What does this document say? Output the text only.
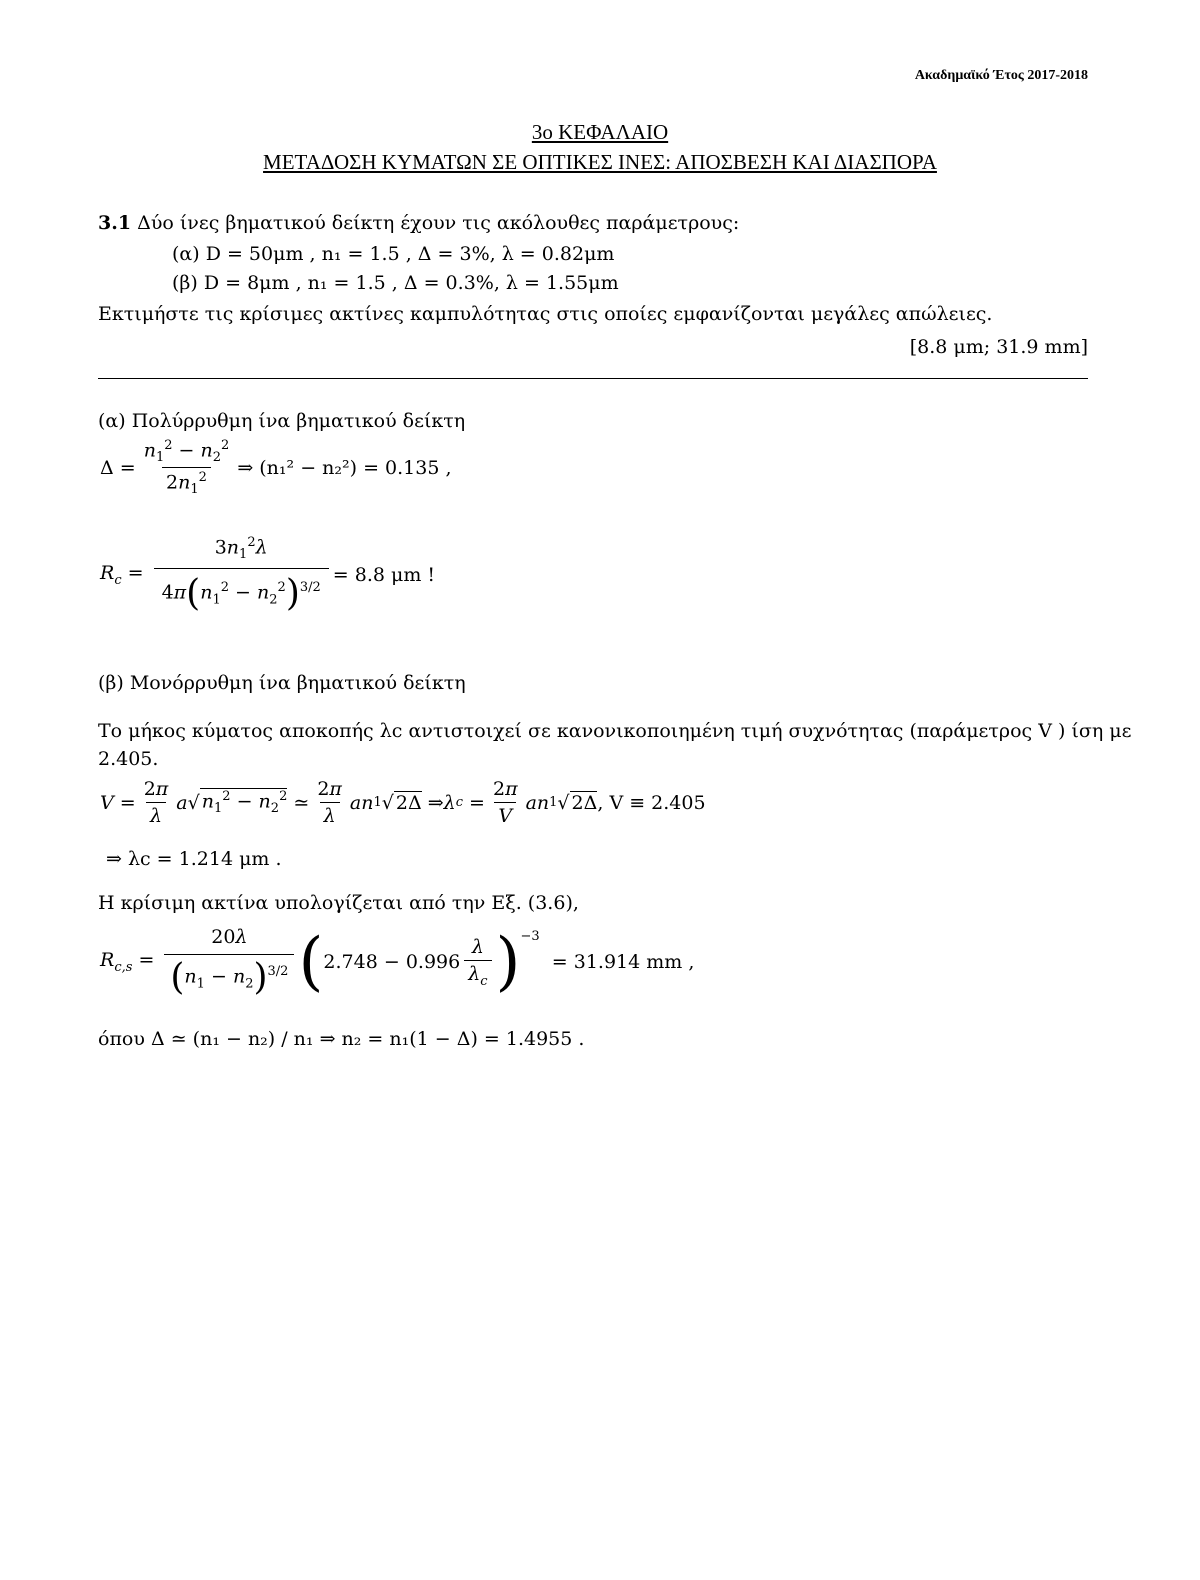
Ακαδημαϊκό Έτος 2017-2018
3ο ΚΕΦΑΛΑΙΟ
ΜΕΤΑΔΟΣΗ ΚΥΜΑΤΩΝ ΣΕ ΟΠΤΙΚΕΣ ΙΝΕΣ: ΑΠΟΣΒΕΣΗ ΚΑΙ ΔΙΑΣΠΟΡΑ
3.1 Δύο ίνες βηματικού δείκτη έχουν τις ακόλουθες παράμετρους:
(α) D = 50μm , n₁ = 1.5 , Δ = 3%, λ = 0.82μm
(β) D = 8μm , n₁ = 1.5 , Δ = 0.3%, λ = 1.55μm
Εκτιμήστε τις κρίσιμες ακτίνες καμπυλότητας στις οποίες εμφανίζονται μεγάλες απώλειες.
[8.8 μm; 31.9 mm]
(α) Πολύρρυθμη ίνα βηματικού δείκτη
$\Delta = \frac{n_1^2 - n_2^2}{2n_1^2}$ ⇒ (n₁² − n₂²) = 0.135 ,
$R_c = \frac{3n_1^2\lambda}{4\pi(n_1^2 - n_2^2)^{3/2}} = 8.8$ μm !
(β) Μονόρρυθμη ίνα βηματικού δείκτη
Το μήκος κύματος αποκοπής λc αντιστοιχεί σε κανονικοποιημένη τιμή συχνότητας (παράμετρος V ) ίση με
2.405.
$V = \frac{2\pi}{\lambda}$ a √ $n_1^2 - n_2^2$ ≃ $\frac{2\pi}{\lambda}$ an 1 √ 2Δ ⇒ λ $c = \frac{2\pi}{V}$ an 1 √ 2Δ , V ≡ 2.405
⇒ λc = 1.214 μm .
Η κρίσιμη ακτίνα υπολογίζεται από την Εξ. (3.6),
$R_{c,s} = \frac{20\lambda}{(n_1 - n_2)^{3/2}}$ ( $2.748 - 0.996 \frac{\lambda}{\lambda_c} )^{-3}$

= 31.914 mm ,
όπου Δ ≃ (n₁ − n₂) / n₁ ⇒ n₂ = n₁(1 − Δ) = 1.4955 .
